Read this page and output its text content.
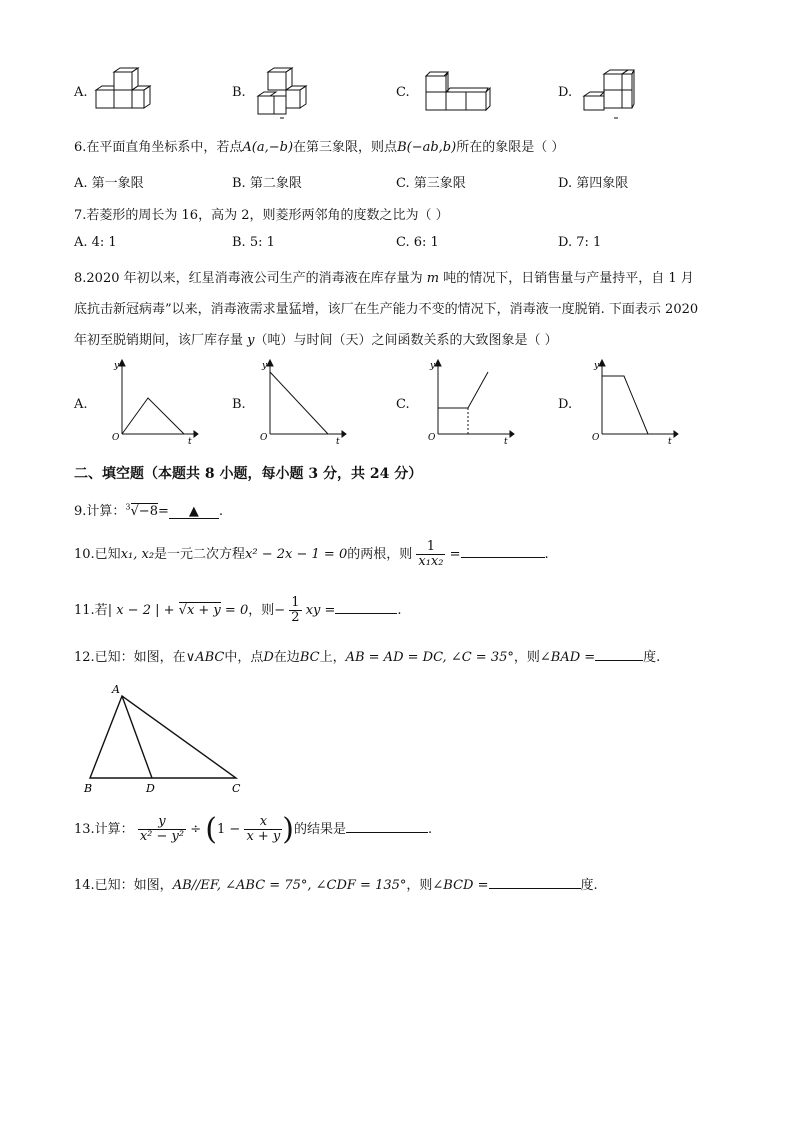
A.	B.	C.	D.
6.在平面直角坐标系中，若点A(a,−b)在第三象限，则点B(−ab,b)所在的象限是（ ）
A. 第一象限	B. 第二象限	C. 第三象限	D. 第四象限
7.若菱形的周长为 16，高为 2，则菱形两邻角的度数之比为（ ）
A. 4: 1	B. 5: 1	C. 6: 1	D. 7: 1
8.2020 年初以来，红星消毒液公司生产的消毒液在库存量为 m 吨的情况下，日销售量与产量持平，自 1 月
底抗击新冠病毒”以来，消毒液需求量猛增，该厂在生产能力不变的情况下，消毒液一度脱销. 下面表示 2020
年初至脱销期间，该厂库存量 y（吨）与时间（天）之间函数关系的大致图象是（ ）
A.
y
t
O
B.
y
t
O
C.
y
t
O
D.
y
t
O
二、填空题（本题共 8 小题，每小题 3 分，共 24 分）
9.计算：$^3$√−8= ▲ .
10.已知x₁, x₂是一元二次方程x² − 2x − 1 = 0的两根，则 $\frac{1}{\text{x₁x₂}}$ =	.
11.若| x − 2 | + √x + y = 0，则− $\frac{1}{2}$ xy =	.
12.已知：如图，在∨ABC中，点D在边BC上，AB = AD = DC, ∠C = 35°，则∠BAD =	度.
A
B	D	C
13.计算： $\frac{y}{\text{x² − y²}} \div (1 - \frac{x}{x + y}$ )的结果是	.
14.已知：如图，AB//EF, ∠ABC = 75°, ∠CDF = 135°，则∠BCD =	度.
